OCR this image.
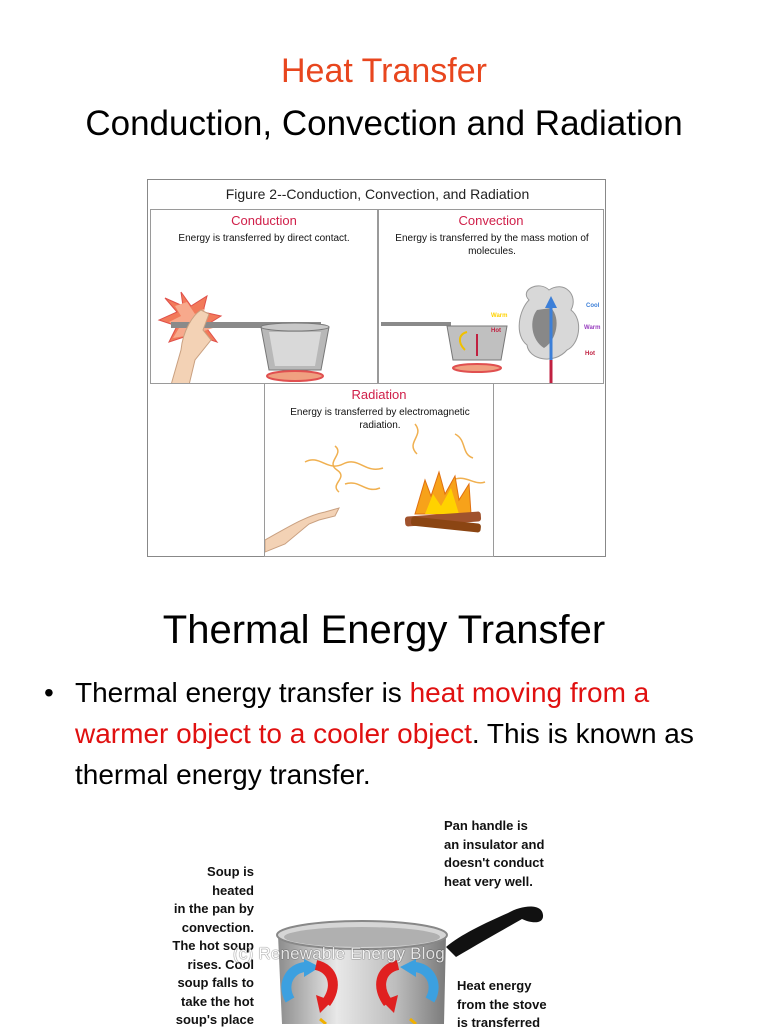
Heat Transfer
Conduction, Convection and Radiation
Figure 2--Conduction, Convection, and Radiation
Conduction
Energy is transferred by direct contact.
Convection
Energy is transferred by the mass motion of molecules.
Warm
Hot
Cool
Warm
Hot
Radiation
Energy is transferred by electromagnetic radiation.
Thermal Energy Transfer
• Thermal energy transfer is heat moving from a warmer object to a cooler object. This is known as thermal energy transfer.
Soup is
heated
in the pan by
convection.
The hot soup
rises. Cool
soup falls to
take the hot
soup's place
Pan handle is
an insulator and
doesn't conduct
heat very well.
Heat energy
from the stove
is transferred
(c) Renewable Energy Blog
